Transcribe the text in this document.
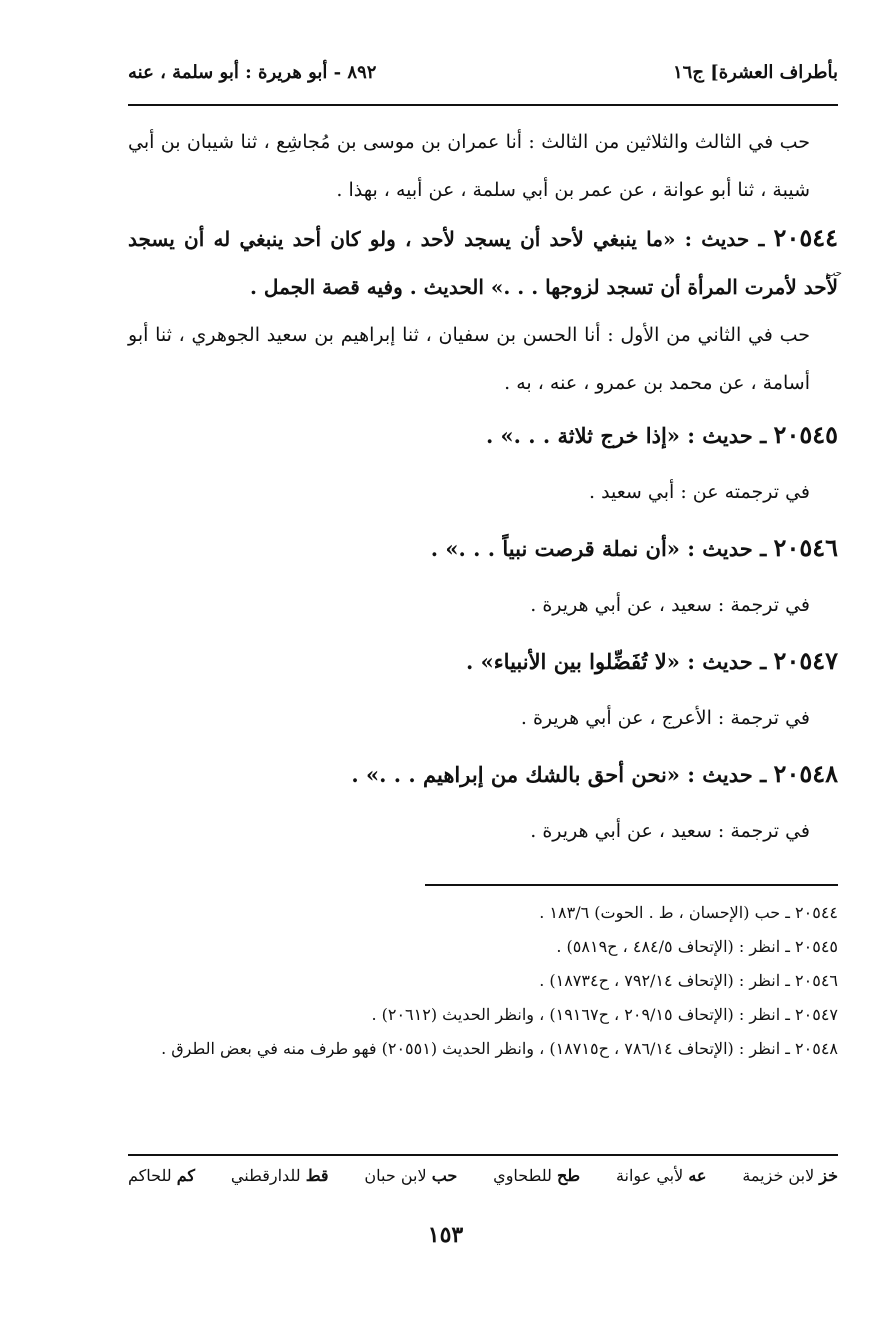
بأطراف العشرة] ج١٦
٨٩٢ - أبو هريرة : أبو سلمة ، عنه
حب في الثالث والثلاثين من الثالث : أنا عمران بن موسى بن مُجاشِع ، ثنا شيبان بن أبي شيبة ، ثنا أبو عوانة ، عن عمر بن أبي سلمة ، عن أبيه ، بهذا .
٢٠٥٤٤ ـ حديث : «ما ينبغي لأحد أن يسجد لأحد ، ولو كان أحد ينبغي له أن يسجد لأحد لأمرت المرأة أن تسجد لزوجها . . .» الحديث . وفيه قصة الجمل .
حب
حب في الثاني من الأول : أنا الحسن بن سفيان ، ثنا إبراهيم بن سعيد الجوهري ، ثنا أبو أسامة ، عن محمد بن عمرو ، عنه ، به .
٢٠٥٤٥ ـ حديث : «إذا خرج ثلاثة . . .» .
في ترجمته عن : أبي سعيد .
٢٠٥٤٦ ـ حديث : «أن نملة قرصت نبياً . . .» .
في ترجمة : سعيد ، عن أبي هريرة .
٢٠٥٤٧ ـ حديث : «لا تُفَضِّلوا بين الأنبياء» .
في ترجمة : الأعرج ، عن أبي هريرة .
٢٠٥٤٨ ـ حديث : «نحن أحق بالشك من إبراهيم . . .» .
في ترجمة : سعيد ، عن أبي هريرة .
٢٠٥٤٤ ـ حب (الإحسان ، ط . الحوت) ١٨٣/٦ .
٢٠٥٤٥ ـ انظر : (الإتحاف ٤٨٤/٥ ، ح٥٨١٩) .
٢٠٥٤٦ ـ انظر : (الإتحاف ٧٩٢/١٤ ، ح١٨٧٣٤) .
٢٠٥٤٧ ـ انظر : (الإتحاف ٢٠٩/١٥ ، ح١٩١٦٧) ، وانظر الحديث (٢٠٦١٢) .
٢٠٥٤٨ ـ انظر : (الإتحاف ٧٨٦/١٤ ، ح١٨٧١٥) ، وانظر الحديث (٢٠٥٥١) فهو طرف منه في بعض الطرق .
خز لابن خزيمة
عه لأبي عوانة
طح للطحاوي
حب لابن حبان
قط للدارقطني
كم للحاكم
١٥٣
